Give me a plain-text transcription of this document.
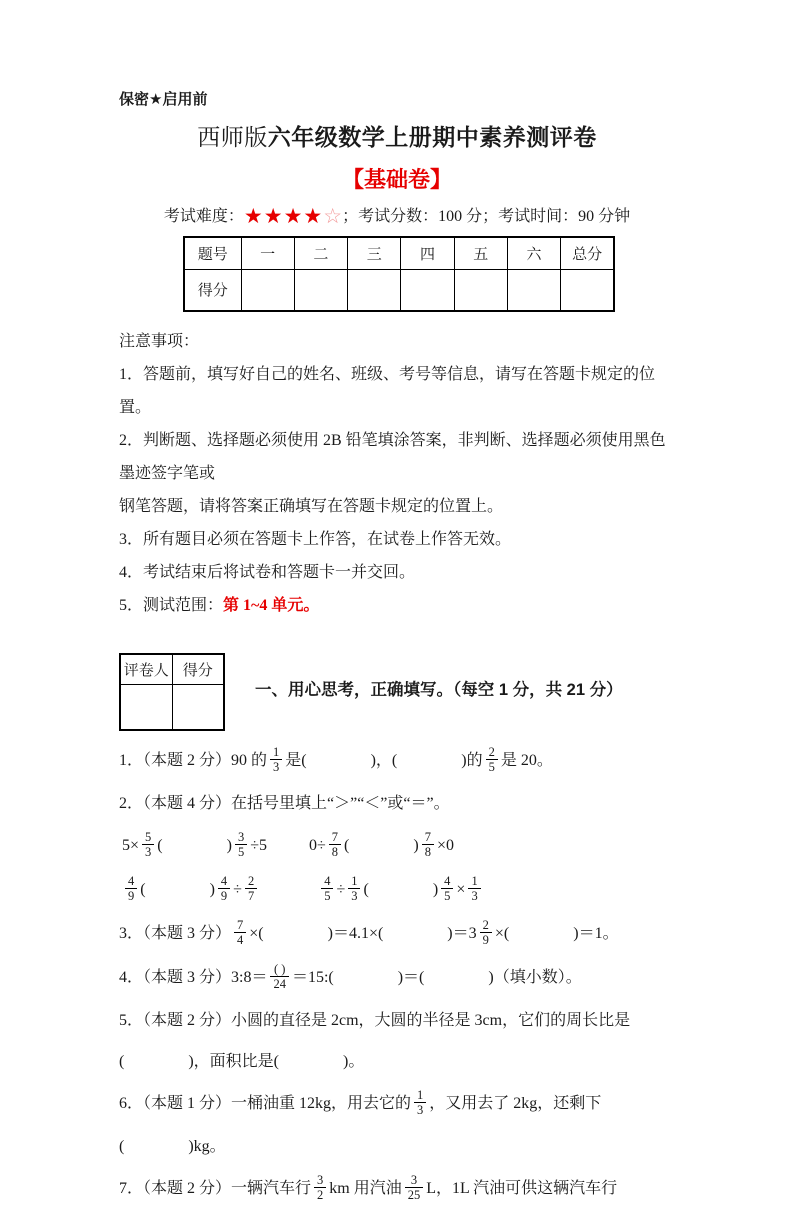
保密★启用前
西师版六年级数学上册期中素养测评卷
【基础卷】
考试难度：★★★★☆；考试分数：100 分；考试时间：90 分钟
题号	一	二	三	四	五	六	总分
得分							

注意事项：

1．答题前，填写好自己的姓名、班级、考号等信息，请写在答题卡规定的位置。

2．判断题、选择题必须使用 2B 铅笔填涂答案，非判断、选择题必须使用黑色墨迹签字笔或

钢笔答题，请将答案正确填写在答题卡规定的位置上。

3．所有题目必须在答题卡上作答，在试卷上作答无效。

4．考试结束后将试卷和答题卡一并交回。

5．测试范围：第 1~4 单元。

评卷人	得分

一、用心思考，正确填写。（每空 1 分，共 21 分）
1．（本题 2 分）90 的 $\frac{1}{3}$ 是(　　　　)，(　　　　)的 $\frac{2}{5}$ 是 20。
2．（本题 4 分）在括号里填上“＞”“＜”或“＝”。
$5\times \frac{5}{3}$ (　　　　) $\frac{3}{5} \div 5$	$0\div \frac{7}{8}$ (　　　　) $\frac{7}{8} \times 0$
$\frac{4}{9}$ (　　　　) $\frac{4}{9} \div \frac{2}{7}$	$\frac{4}{5} \div \frac{1}{3}$ (　　　　) $\frac{4}{5} \times \frac{1}{3}$
3．（本题 3 分） $\frac{7}{4}$ ×(　　　　)＝4.1×(　　　　)$=3 \frac{2}{9}$ ×(　　　　)＝1。
4．（本题 3 分）3:8＝ $\frac{( )}{24}$ ＝15:(　　　　)＝(　　　　)（填小数）。
5．（本题 2 分）小圆的直径是 2cm，大圆的半径是 3cm，它们的周长比是
(　　　　)，面积比是(　　　　)。
6．（本题 1 分）一桶油重 12kg，用去它的 $\frac{1}{3}$ ，又用去了 2kg，还剩下
(　　　　)kg。
7．（本题 2 分）一辆汽车行 $\frac{3}{2}$ km 用汽油 $\frac{3}{25}$ L，1L 汽油可供这辆汽车行
